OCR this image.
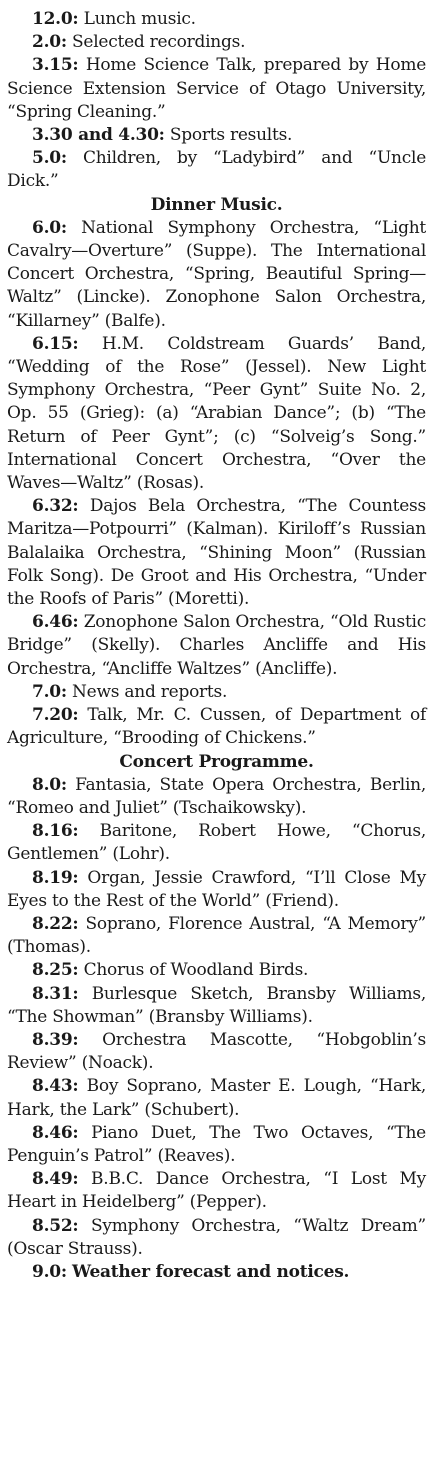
12.0: Lunch music.

2.0: Selected recordings.

3.15: Home Science Talk, prepared by Home Science Extension Service of Otago University, “Spring Cleaning.”

3.30 and 4.30: Sports results.

5.0: Children, by “Ladybird” and “Uncle Dick.”

Dinner Music.

6.0: National Symphony Orchestra, “Light Cavalry—Overture” (Suppe). The International Concert Orchestra, “Spring, Beautiful Spring—Waltz” (Lincke). Zonophone Salon Orchestra, “Killarney” (Balfe).

6.15: H.M. Coldstream Guards’ Band, “Wedding of the Rose” (Jessel). New Light Symphony Orchestra, “Peer Gynt” Suite No. 2, Op. 55 (Grieg): (a) “Arabian Dance”; (b) “The Return of Peer Gynt”; (c) “Solveig’s Song.” International Concert Orchestra, “Over the Waves—Waltz” (Rosas).

6.32: Dajos Bela Orchestra, “The Countess Maritza—Potpourri” (Kalman). Kiriloff’s Russian Balalaika Orchestra, “Shining Moon” (Russian Folk Song). De Groot and His Orchestra, “Under the Roofs of Paris” (Moretti).

6.46: Zonophone Salon Orchestra, “Old Rustic Bridge” (Skelly). Charles Ancliffe and His Orchestra, “Ancliffe Waltzes” (Ancliffe).

7.0: News and reports.

7.20: Talk, Mr. C. Cussen, of Department of Agriculture, “Brooding of Chickens.”

Concert Programme.

8.0: Fantasia, State Opera Orchestra, Berlin, “Romeo and Juliet” (Tschaikowsky).

8.16: Baritone, Robert Howe, “Chorus, Gentlemen” (Lohr).

8.19: Organ, Jessie Crawford, “I’ll Close My Eyes to the Rest of the World” (Friend).

8.22: Soprano, Florence Austral, “A Memory” (Thomas).

8.25: Chorus of Woodland Birds.

8.31: Burlesque Sketch, Bransby Williams, “The Showman” (Bransby Williams).

8.39: Orchestra Mascotte, “Hobgoblin’s Review” (Noack).

8.43: Boy Soprano, Master E. Lough, “Hark, Hark, the Lark” (Schubert).

8.46: Piano Duet, The Two Octaves, “The Penguin’s Patrol” (Reaves).

8.49: B.B.C. Dance Orchestra, “I Lost My Heart in Heidelberg” (Pepper).

8.52: Symphony Orchestra, “Waltz Dream” (Oscar Strauss).

9.0: Weather forecast and notices.
